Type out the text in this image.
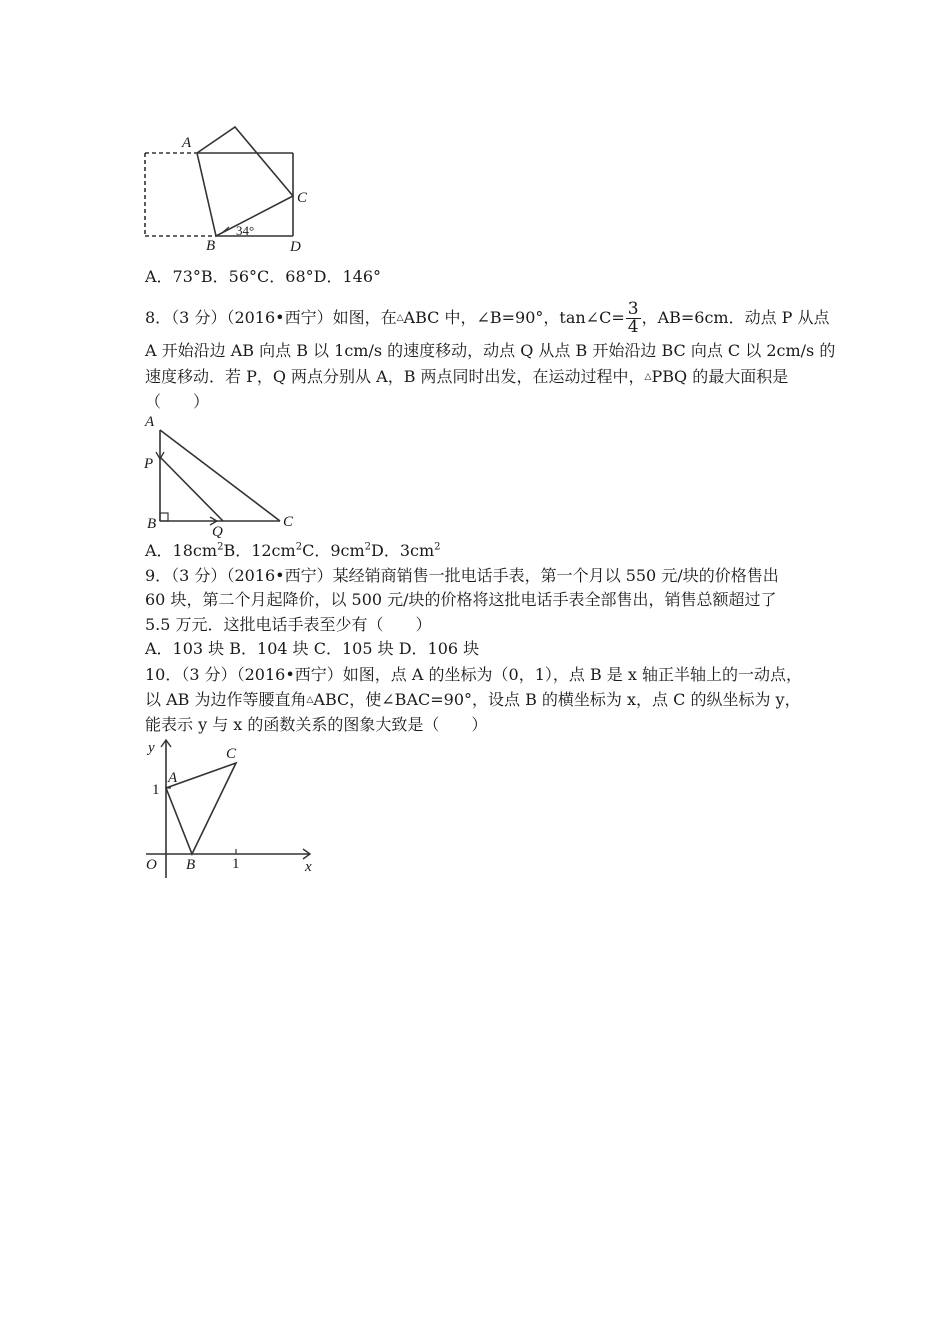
A
C
B	D
34°
A．73°B．56°C．68°D．146°
8．（3 分）（2016•西宁）如图，在△ABC 中，∠B=90°，tan∠C= $\frac{3}{4}$ ，AB=6cm．动点 P 从点
A 开始沿边 AB 向点 B 以 1cm/s 的速度移动，动点 Q 从点 B 开始沿边 BC 向点 C 以 2cm/s 的
速度移动．若 P，Q 两点分别从 A，B 两点同时出发，在运动过程中，△PBQ 的最大面积是
（　　）
A
P
B	Q
C
A．$18cm^2B$．$12cm^2C$．$9cm^2D$．$3cm^2$
9．（3 分）（2016•西宁）某经销商销售一批电话手表，第一个月以 550 元/块的价格售出
60 块，第二个月起降价，以 500 元/块的价格将这批电话手表全部售出，销售总额超过了
5.5 万元．这批电话手表至少有（　　）
A．103 块 B．104 块 C．105 块 D．106 块
10．（3 分）（2016•西宁）如图，点 A 的坐标为（0，1），点 B 是 x 轴正半轴上的一动点，
以 AB 为边作等腰直角△ABC，使∠BAC=90°，设点 B 的横坐标为 x，点 C 的纵坐标为 y，
能表示 y 与 x 的函数关系的图象大致是（　　）
y	C
A
1
O B 1	x
